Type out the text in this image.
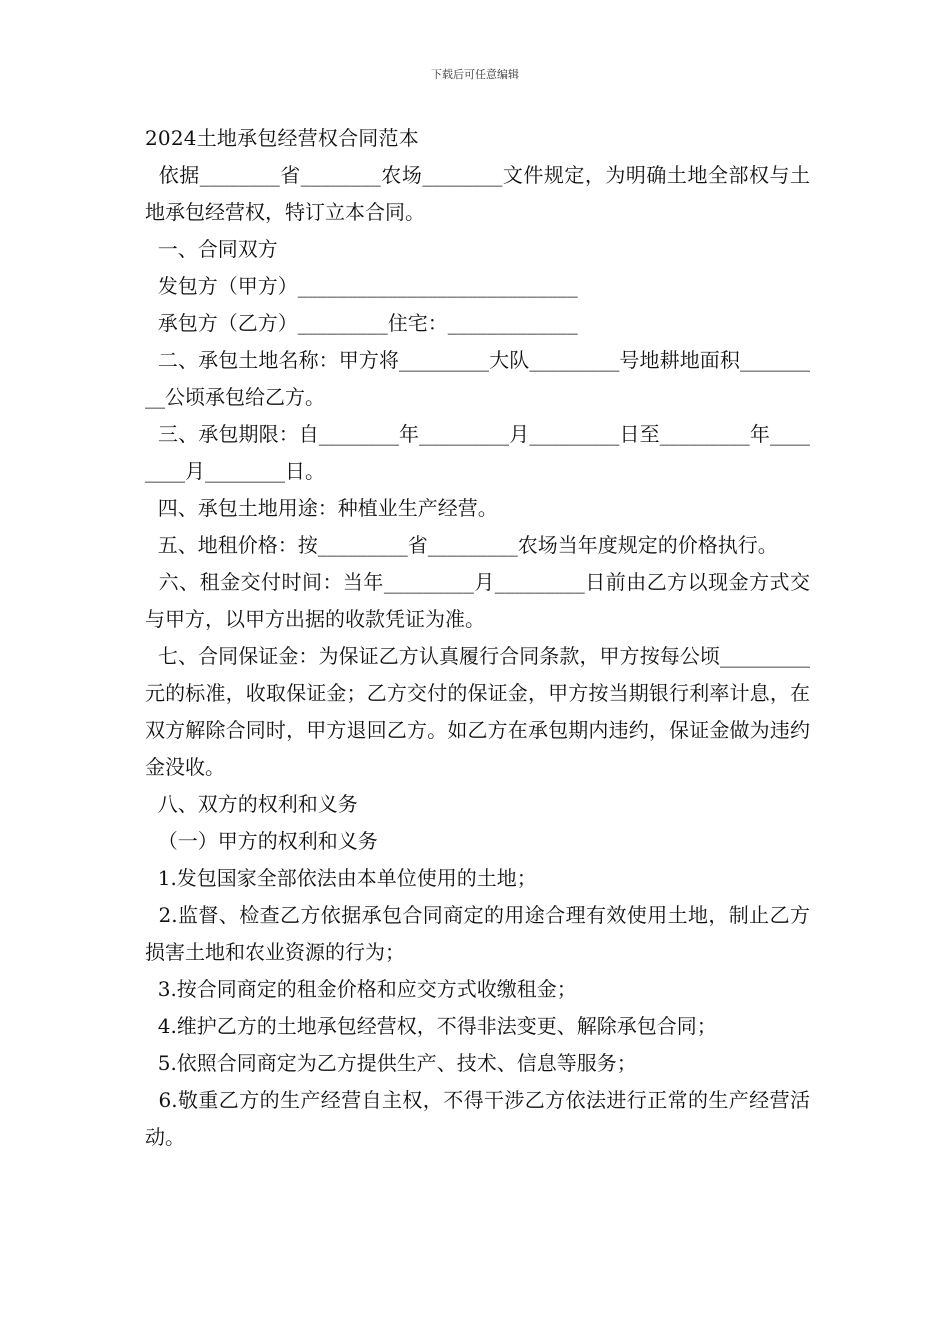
下载后可任意编辑
2024土地承包经营权合同范本

依据________省________农场________文件规定，为明确土地全部权与土地承包经营权，特订立本合同。

一、合同双方

发包方（甲方）____________________________

承包方（乙方）_________住宅：_____________

二、承包土地名称：甲方将_________大队_________号地耕地面积_________公顷承包给乙方。

三、承包期限：自________年_________月_________日至_________年________月________日。

四、承包土地用途：种植业生产经营。

五、地租价格：按_________省_________农场当年度规定的价格执行。

六、租金交付时间：当年_________月_________日前由乙方以现金方式交与甲方，以甲方出据的收款凭证为准。

七、合同保证金：为保证乙方认真履行合同条款，甲方按每公顷_________元的标准，收取保证金；乙方交付的保证金，甲方按当期银行利率计息，在双方解除合同时，甲方退回乙方。如乙方在承包期内违约，保证金做为违约金没收。

八、双方的权利和义务

（一）甲方的权利和义务

1.发包国家全部依法由本单位使用的土地；

2.监督、检查乙方依据承包合同商定的用途合理有效使用土地，制止乙方损害土地和农业资源的行为；

3.按合同商定的租金价格和应交方式收缴租金；

4.维护乙方的土地承包经营权，不得非法变更、解除承包合同；

5.依照合同商定为乙方提供生产、技术、信息等服务；

6.敬重乙方的生产经营自主权，不得干涉乙方依法进行正常的生产经营活动。
